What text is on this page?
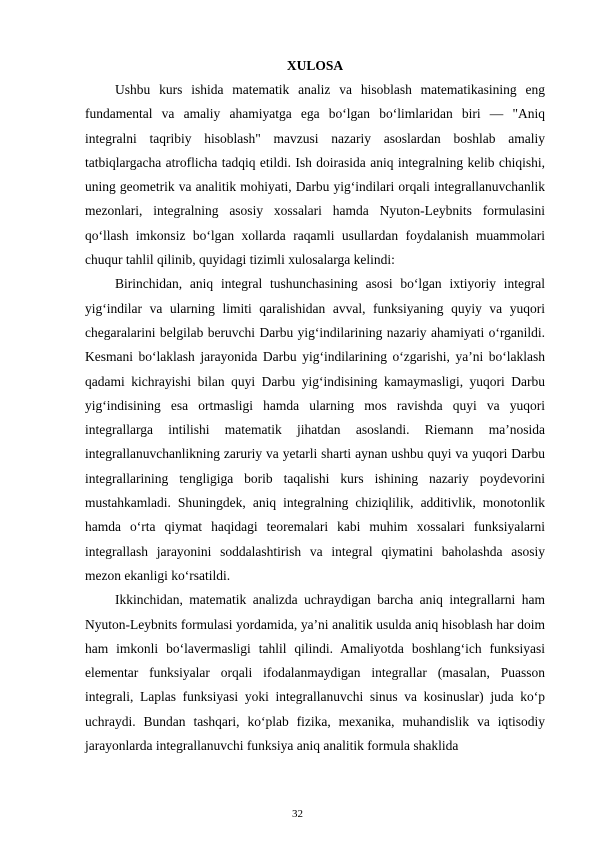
XULOSA

Ushbu kurs ishida matematik analiz va hisoblash matematikasining eng fundamental va amaliy ahamiyatga ega bo‘lgan bo‘limlaridan biri — "Aniq integralni taqribiy hisoblash" mavzusi nazariy asoslardan boshlab amaliy tatbiqlargacha atroflicha tadqiq etildi. Ish doirasida aniq integralning kelib chiqishi, uning geometrik va analitik mohiyati, Darbu yig‘indilari orqali integrallanuvchanlik mezonlari, integralning asosiy xossalari hamda Nyuton-Leybnits formulasini qo‘llash imkonsiz bo‘lgan xollarda raqamli usullardan foydalanish muammolari chuqur tahlil qilinib, quyidagi tizimli xulosalarga kelindi:

Birinchidan, aniq integral tushunchasining asosi bo‘lgan ixtiyoriy integral yig‘indilar va ularning limiti qaralishidan avval, funksiyaning quyiy va yuqori chegaralarini belgilab beruvchi Darbu yig‘indilarining nazariy ahamiyati o‘rganildi. Kesmani bo‘laklash jarayonida Darbu yig‘indilarining o‘zgarishi, ya’ni bo‘laklash qadami kichrayishi bilan quyi Darbu yig‘indisining kamaymasligi, yuqori Darbu yig‘indisining esa ortmasligi hamda ularning mos ravishda quyi va yuqori integrallarga intilishi matematik jihatdan asoslandi. Riemann ma’nosida integrallanuvchanlikning zaruriy va yetarli sharti aynan ushbu quyi va yuqori Darbu integrallarining tengligiga borib taqalishi kurs ishining nazariy poydevorini mustahkamladi. Shuningdek, aniq integralning chiziqlilik, additivlik, monotonlik hamda o‘rta qiymat haqidagi teoremalari kabi muhim xossalari funksiyalarni integrallash jarayonini soddalashtirish va integral qiymatini baholashda asosiy mezon ekanligi ko‘rsatildi.

Ikkinchidan, matematik analizda uchraydigan barcha aniq integrallarni ham Nyuton-Leybnits formulasi yordamida, ya’ni analitik usulda aniq hisoblash har doim ham imkonli bo‘lavermasligi tahlil qilindi. Amaliyotda boshlang‘ich funksiyasi elementar funksiyalar orqali ifodalanmaydigan integrallar (masalan, Puasson integrali, Laplas funksiyasi yoki integrallanuvchi sinus va kosinuslar) juda ko‘p uchraydi. Bundan tashqari, ko‘plab fizika, mexanika, muhandislik va iqtisodiy jarayonlarda integrallanuvchi funksiya aniq analitik formula shaklida

32
